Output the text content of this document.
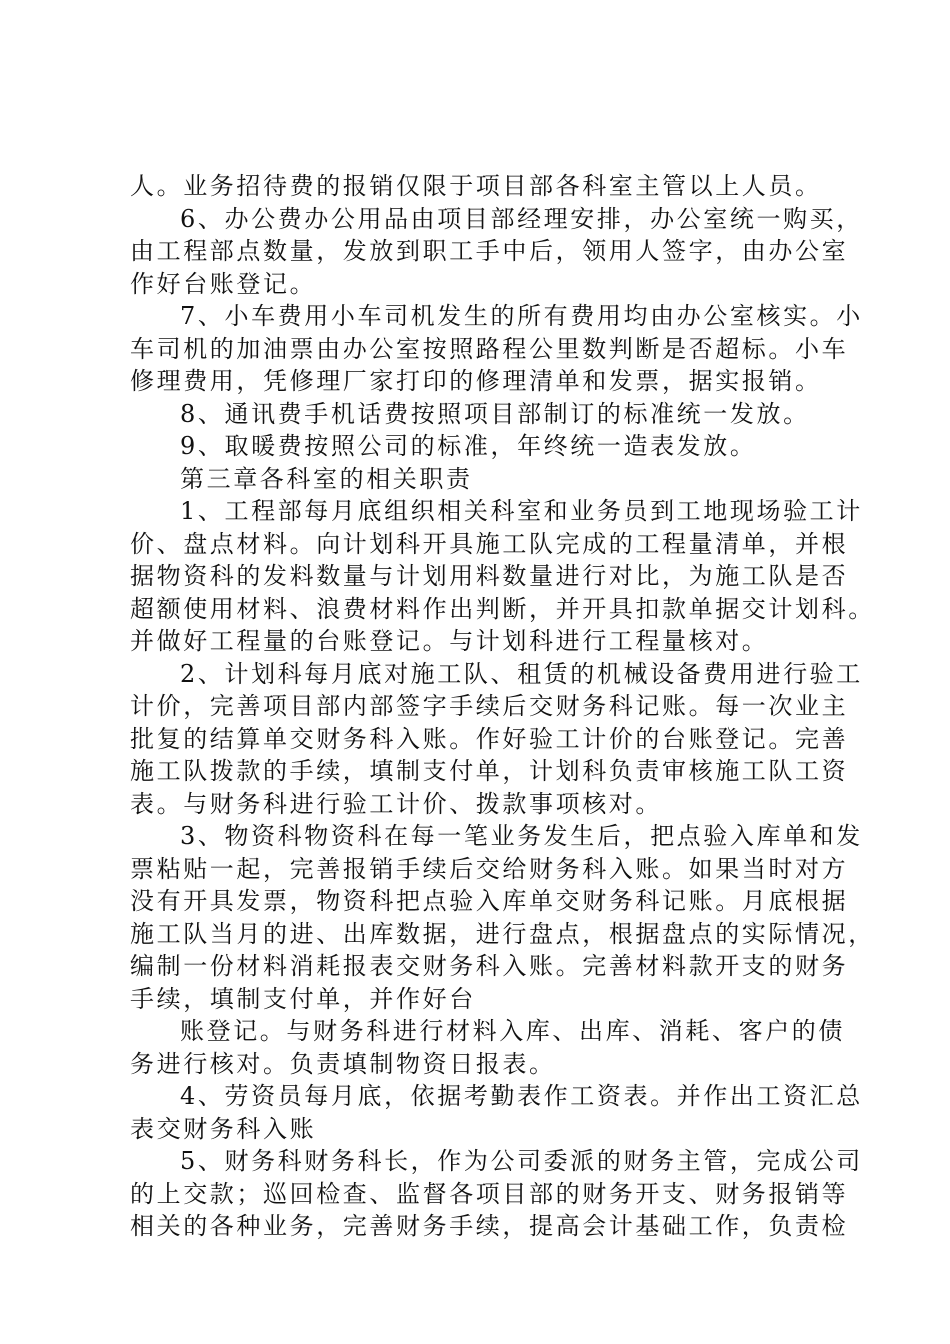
人。业务招待费的报销仅限于项目部各科室主管以上人员。
6、办公费办公用品由项目部经理安排，办公室统一购买，
由工程部点数量，发放到职工手中后，领用人签字，由办公室
作好台账登记。
7、小车费用小车司机发生的所有费用均由办公室核实。小
车司机的加油票由办公室按照路程公里数判断是否超标。小车
修理费用，凭修理厂家打印的修理清单和发票，据实报销。
8、通讯费手机话费按照项目部制订的标准统一发放。
9、取暖费按照公司的标准，年终统一造表发放。
第三章各科室的相关职责
1、工程部每月底组织相关科室和业务员到工地现场验工计
价、盘点材料。向计划科开具施工队完成的工程量清单，并根
据物资科的发料数量与计划用料数量进行对比，为施工队是否
超额使用材料、浪费材料作出判断，并开具扣款单据交计划科。
并做好工程量的台账登记。与计划科进行工程量核对。
2、计划科每月底对施工队、租赁的机械设备费用进行验工
计价，完善项目部内部签字手续后交财务科记账。每一次业主
批复的结算单交财务科入账。作好验工计价的台账登记。完善
施工队拨款的手续，填制支付单，计划科负责审核施工队工资
表。与财务科进行验工计价、拨款事项核对。
3、物资科物资科在每一笔业务发生后，把点验入库单和发
票粘贴一起，完善报销手续后交给财务科入账。如果当时对方
没有开具发票，物资科把点验入库单交财务科记账。月底根据
施工队当月的进、出库数据，进行盘点，根据盘点的实际情况，
编制一份材料消耗报表交财务科入账。完善材料款开支的财务
手续，填制支付单，并作好台
账登记。与财务科进行材料入库、出库、消耗、客户的债
务进行核对。负责填制物资日报表。
4、劳资员每月底，依据考勤表作工资表。并作出工资汇总
表交财务科入账
5、财务科财务科长，作为公司委派的财务主管，完成公司
的上交款；巡回检查、监督各项目部的财务开支、财务报销等
相关的各种业务，完善财务手续，提高会计基础工作，负责检
